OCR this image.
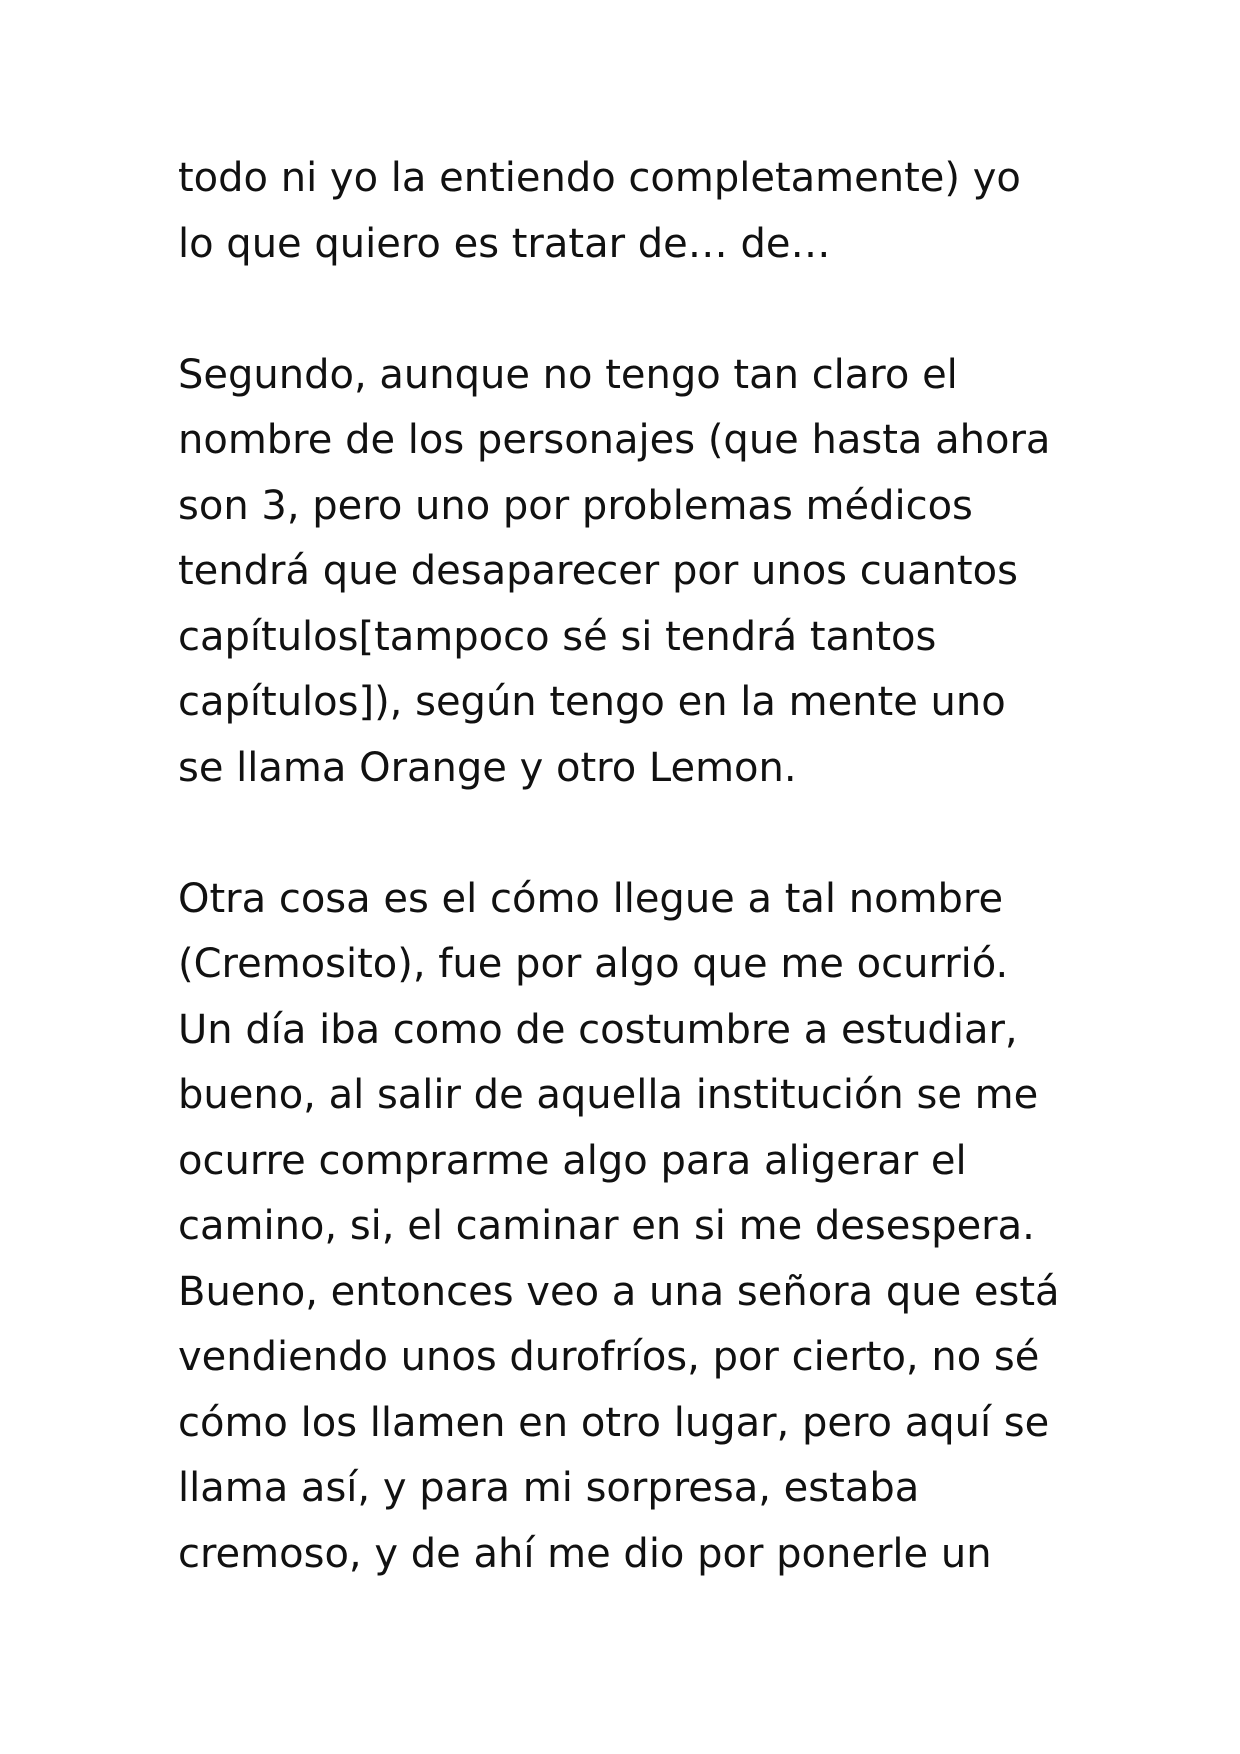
todo ni yo la entiendo completamente) yo
lo que quiero es tratar de… de…
Segundo, aunque no tengo tan claro el
nombre de los personajes (que hasta ahora
son 3, pero uno por problemas médicos
tendrá que desaparecer por unos cuantos
capítulos[tampoco sé si tendrá tantos
capítulos]), según tengo en la mente uno
se llama Orange y otro Lemon.
Otra cosa es el cómo llegue a tal nombre
(Cremosito), fue por algo que me ocurrió.
Un día iba como de costumbre a estudiar,
bueno, al salir de aquella institución se me
ocurre comprarme algo para aligerar el
camino, si, el caminar en si me desespera.
Bueno, entonces veo a una señora que está
vendiendo unos durofríos, por cierto, no sé
cómo los llamen en otro lugar, pero aquí se
llama así, y para mi sorpresa, estaba
cremoso, y de ahí me dio por ponerle un
